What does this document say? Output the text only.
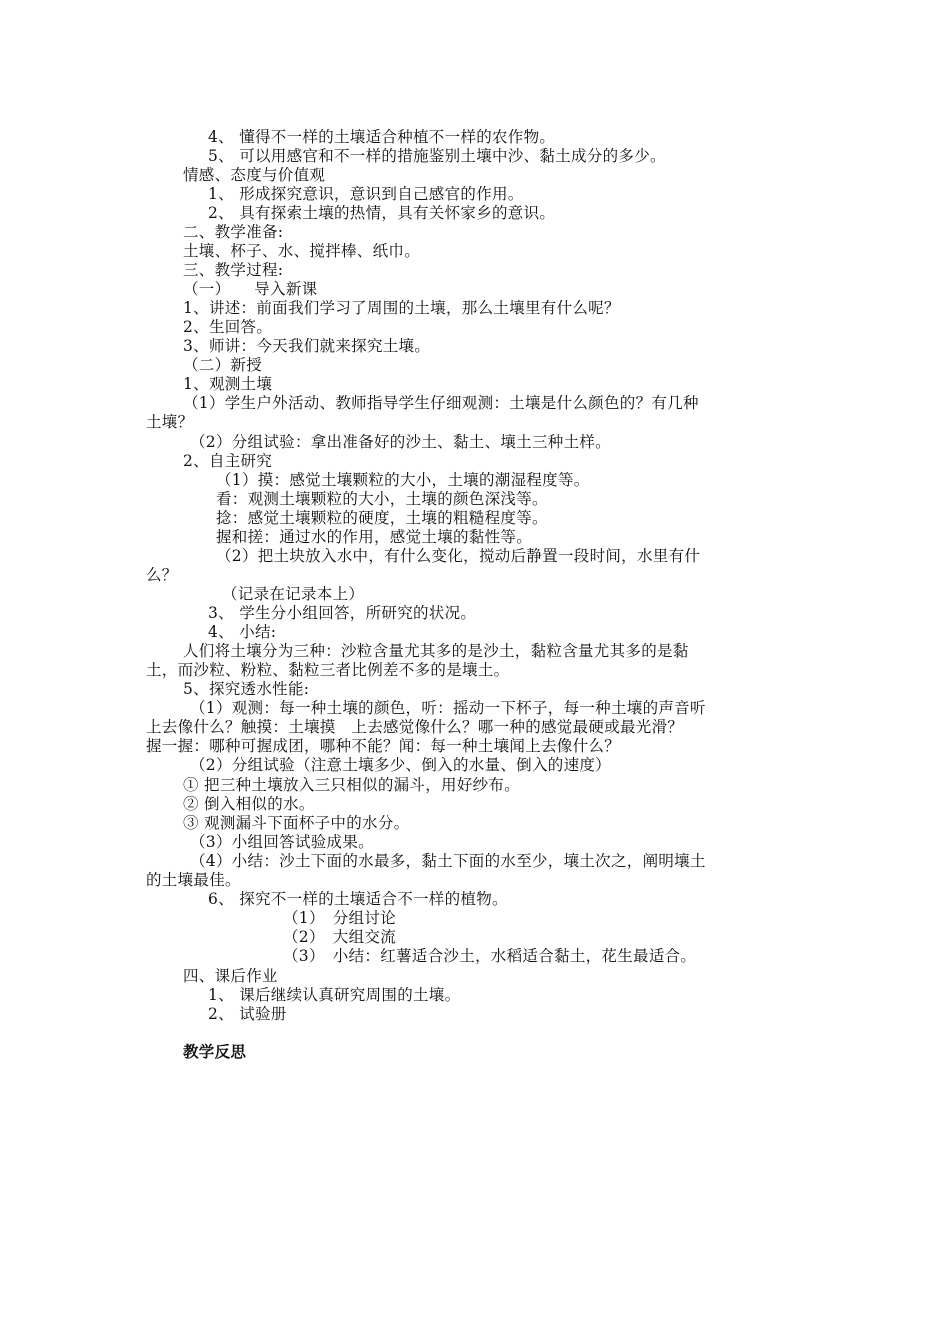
4、 懂得不一样的土壤适合种植不一样的农作物。
5、 可以用感官和不一样的措施鉴别土壤中沙、黏土成分的多少。
情感、态度与价值观
1、 形成探究意识，意识到自己感官的作用。
2、 具有探索土壤的热情，具有关怀家乡的意识。
二、教学准备:
土壤、杯子、水、搅拌棒、纸巾。
三、教学过程:
（一）　　导入新课
1、讲述：前面我们学习了周围的土壤，那么土壤里有什么呢？
2、生回答。
3、师讲：今天我们就来探究土壤。
（二）新授
1、观测土壤
（1）学生户外活动、教师指导学生仔细观测：土壤是什么颜色的？有几种
土壤？
（2）分组试验：拿出准备好的沙土、黏土、壤土三种土样。
2、自主研究
（1）摸：感觉土壤颗粒的大小，土壤的潮湿程度等。
看：观测土壤颗粒的大小，土壤的颜色深浅等。
捻：感觉土壤颗粒的硬度，土壤的粗糙程度等。
握和搓：通过水的作用，感觉土壤的黏性等。
（2）把土块放入水中，有什么变化，搅动后静置一段时间，水里有什
么？
（记录在记录本上）
3、 学生分小组回答，所研究的状况。
4、 小结:
人们将土壤分为三种：沙粒含量尤其多的是沙土，黏粒含量尤其多的是黏
土，而沙粒、粉粒、黏粒三者比例差不多的是壤土。
5、探究透水性能:
（1）观测：每一种土壤的颜色，听：摇动一下杯子，每一种土壤的声音听
上去像什么？触摸：土壤摸　上去感觉像什么？哪一种的感觉最硬或最光滑？
握一握：哪种可握成团，哪种不能？闻：每一种土壤闻上去像什么？
（2）分组试验（注意土壤多少、倒入的水量、倒入的速度）
① 把三种土壤放入三只相似的漏斗，用好纱布。
② 倒入相似的水。
③ 观测漏斗下面杯子中的水分。
（3）小组回答试验成果。
（4）小结：沙土下面的水最多，黏土下面的水至少，壤土次之，阐明壤土
的土壤最佳。
6、 探究不一样的土壤适合不一样的植物。
（1）　分组讨论
（2）　大组交流
（3）　小结：红薯适合沙土，水稻适合黏土，花生最适合。
四、课后作业
1、 课后继续认真研究周围的土壤。
2、 试验册
教学反思
